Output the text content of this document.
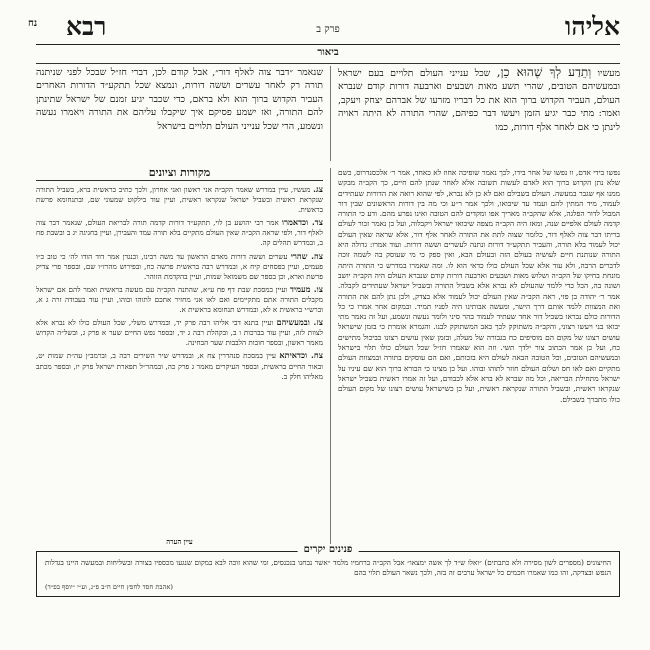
אליהו
פרק ב
רבא
נח
ביאור
מעשיו וְתֵדַע לְךָ שֶׁהוּא כֵן, שכל ענייני העולם תלויים בעם ישראל ובמעשיהם הטובים, שהרי תשע מאות ושבעים וארבעה דורות קודם שנברא העולם, העביר הקדוש ברוך הוא את כל דבריו מזרעו של אברהם יצחק ויעקב, ואמר: מתי כבר יגיע הזמן ויעשו דבר כפיהם, שהרי התורה לא היתה ראויה לינתן כי אם לאחר אלף דורות, כמו
שנאמר ״דבר צוה לאלף דור״, אבל קודם לכן, דברי חז״ל שבכל לפני שניתנה תורה רק לאחר עשרים וששה דורות, ונמצא שכל תתקע״ד הדורות האחרים העביר הקדוש ברוך הוא ולא בראם, כדי שכבר יגיע זמנם של ישראל שתינתן להם התורה, ואז ישמע פסיקם איך שיקבלו עליהם את התורה ויאמרו נעשה ונשמע, הרי שכל ענייני העולם תלויים בישראל
נפשו בידי אדם, וו נפשו של אחר בידו, לכך נאמר שופיכה אחוז לא כאחד, אמר ר׳ אלכסנדרוס, כשם שלא נתן הקדוש ברוך הוא לאדם לעשות תשובה אלא לאחר שנתן להם חיים, כך הקב״ה מבקש ממנו אף שגבר במעשה. העולם בשבילם ואם לא כן לא נברא, לפי שהוא רואה את הדורות שעתידים לעמוד, מיד המתין להם ועמד עד שיבואו, ולכך אמר ר״ע וכי מה בין דורות הראשונים שבין דור המבול לדור הפלגה, אלא שהקב״ה מאריך אפו ומקדים להם הטובה ואינו נפרע מהם. ודע כי התורה קדמה לעולם אלפיים שנה, ומאז היה הקב״ה מצפה שיבואו ישראל ויקבלוה, ועל כן נאמר זכור לעולם בריתו דבר צוה לאלף דור, כלומר שצוה לתת את התורה לאחר אלף דור, אלא שראה שאין העולם יכול לעמוד בלא תורה, והעביר תתקע״ד דורות ונתנה לעשרים וששה דורות. ועוד אמרו: גדולה היא התורה שנותנת חיים לעושיה בעולם הזה ובעולם הבא, ואין ספק כי מי שעוסק בה לשמה זוכה לדברים הרבה, ולא עוד אלא שכל העולם כולו כדאי הוא לו. ומה שאמרו במדרש כי התורה היתה מונחת בחיקו של הקב״ה ושלוש מאות ושבעים וארבעה דורות קודם שנברא העולם היה הקב״ה יושב ושונה בה, הכל כדי ללמד שהעולם לא נברא אלא בשביל התורה ובשביל ישראל שעתידים לקבלה. אמר ר׳ יהודה בן פזי, ראה הקב״ה שאין העולם יכול לעמוד אלא בצדק, ולכן נתן להם את התורה ואת המצוות ללמד אותם דרך הישר, ומעשה אבותינו היה לפניו תמיד. ובמקום אחר אמרו כי כל הדורות כולם נבראו בשביל דור אחד שעתיד לעמוד בהר סיני ולומר נעשה ונשמע, ועל זה נאמר מתי יבואו בני ויעשו רצוני, והקב״ה משתוקק לכך כאב המשתוקק לבנו. והגמרא אומרת כי בזמן שישראל עושים רצונו של מקום הם מוסיפים כח בגבורה של מעלה, ובזמן שאין עושים רצונו כביכול מתישים כח, ועל כן אמר הכתוב צור ילדך תשי. וזה הוא שאמרו חז״ל שכל העולם כולו תלוי בישראל ובמעשיהם הטובים, וכל הטובה הבאה לעולם היא בזכותם, ואם הם עוסקים בתורה ובמצוות העולם מתקיים ואם לאו חס ושלום העולם חוזר לתוהו ובוהו. ועל כן מצינו כי הבורא ברוך הוא שם עיניו על ישראל מתחילת הבריאה, וכל מה שברא לא ברא אלא לכבודם, ועל זה אמרו ראשית בשביל ישראל שנקראו ראשית, ובשביל התורה שנקראת ראשית, ועל כן כשישראל עושים רצונו של מקום העולם כולו מתברך בשבילם.
מקורות וציונים

צג. מעשיו, עיין במדרש שאמר הקב״ה אני ראשון ואני אחרון, ולכך כתיב בראשית ברא, בשביל התורה שנקראת ראשית ובשביל ישראל שנקראו ראשית, ועיין עוד בילקוט שמעוני שם, ובתנחומא פרשת בראשית.

צד. וכדאמרו אמר רבי יהושע בן לוי, תתקע״ד דורות קדמה תורה לבריאת העולם, שנאמר דבר צוה לאלף דור, ולפי שראה הקב״ה שאין העולם מתקיים בלא תורה עמד והעבירן, ועיין בחגיגה יג ב ובשבת פח ב, ובמדרש תהלים קה.

צה. שהרי עשרים וששה דורות מאדם הראשון עד משה רבינו, וכנגדן אמר דוד הודו לה׳ כי טוב כ״ו פעמים, ועיין בפסחים קיח א, ובמדרש רבה בראשית פרשה כח, ובפירוש מהרז״ו שם, ובספר פרי צדיק פרשת וארא, וכן בספר שם משמואל שמות, ועיין בהקדמת הזוהר.

צו. מעמיד ועיין במסכת שבת דף פח ע״א, שהתנה הקב״ה עם מעשה בראשית ואמר להם אם ישראל מקבלים התורה אתם מתקיימים ואם לאו אני מחזיר אתכם לתוהו ובוהו, ועיין עוד בעבודה זרה ג א, וברש״י בראשית א לא, ובמדרש תנחומא בראשית א.

צז. ובמעשיהם ועיין בתנא דבי אליהו רבה פרק יד, ובמדרש משלי, שכל העולם כולו לא נברא אלא לצוות לזה, ועיין עוד בברכות ו ב, ובקהלת רבה ג יד, ובספר נפש החיים שער א פרק ג, ובשל״ה הקדוש מאמר ראשון, ובספר חובות הלבבות שער הבחינה.

צח. וכדאיתא עיין במסכת סנהדרין צח א, ובמדרש שיר השירים רבה ב, וברמב״ן עה״ת שמות יט, ובאור החיים בראשית, ובספר העיקרים מאמר ג פרק כה, ובמהר״ל תפארת ישראל פרק יז, ובספר מכתב מאליהו חלק ב.

עיין הערה
פנינים יקרים
החיצונים (מספרים לשון מסירה ולא כתבתים) ״ואלו ש״ד לך אשה ימצאו״ אבל הקב״ה ברחמיו מלמד ״אשר נבחנו בנכנסים, ומי שהוא זוכה לבא במקום שנגעו מכספיו בצורה ובשליחות ובמעשה היינו בגדלות הנפש ובצדקה, זהו כמו שאמרו חכמים כל ישראל ערבים זה בזה, ולכך נשאר העולם תלוי בהם
(אהבת חסד לחפץ חיים ח״ב פ״ג, וע״י ״יוסף בפ״ד)
